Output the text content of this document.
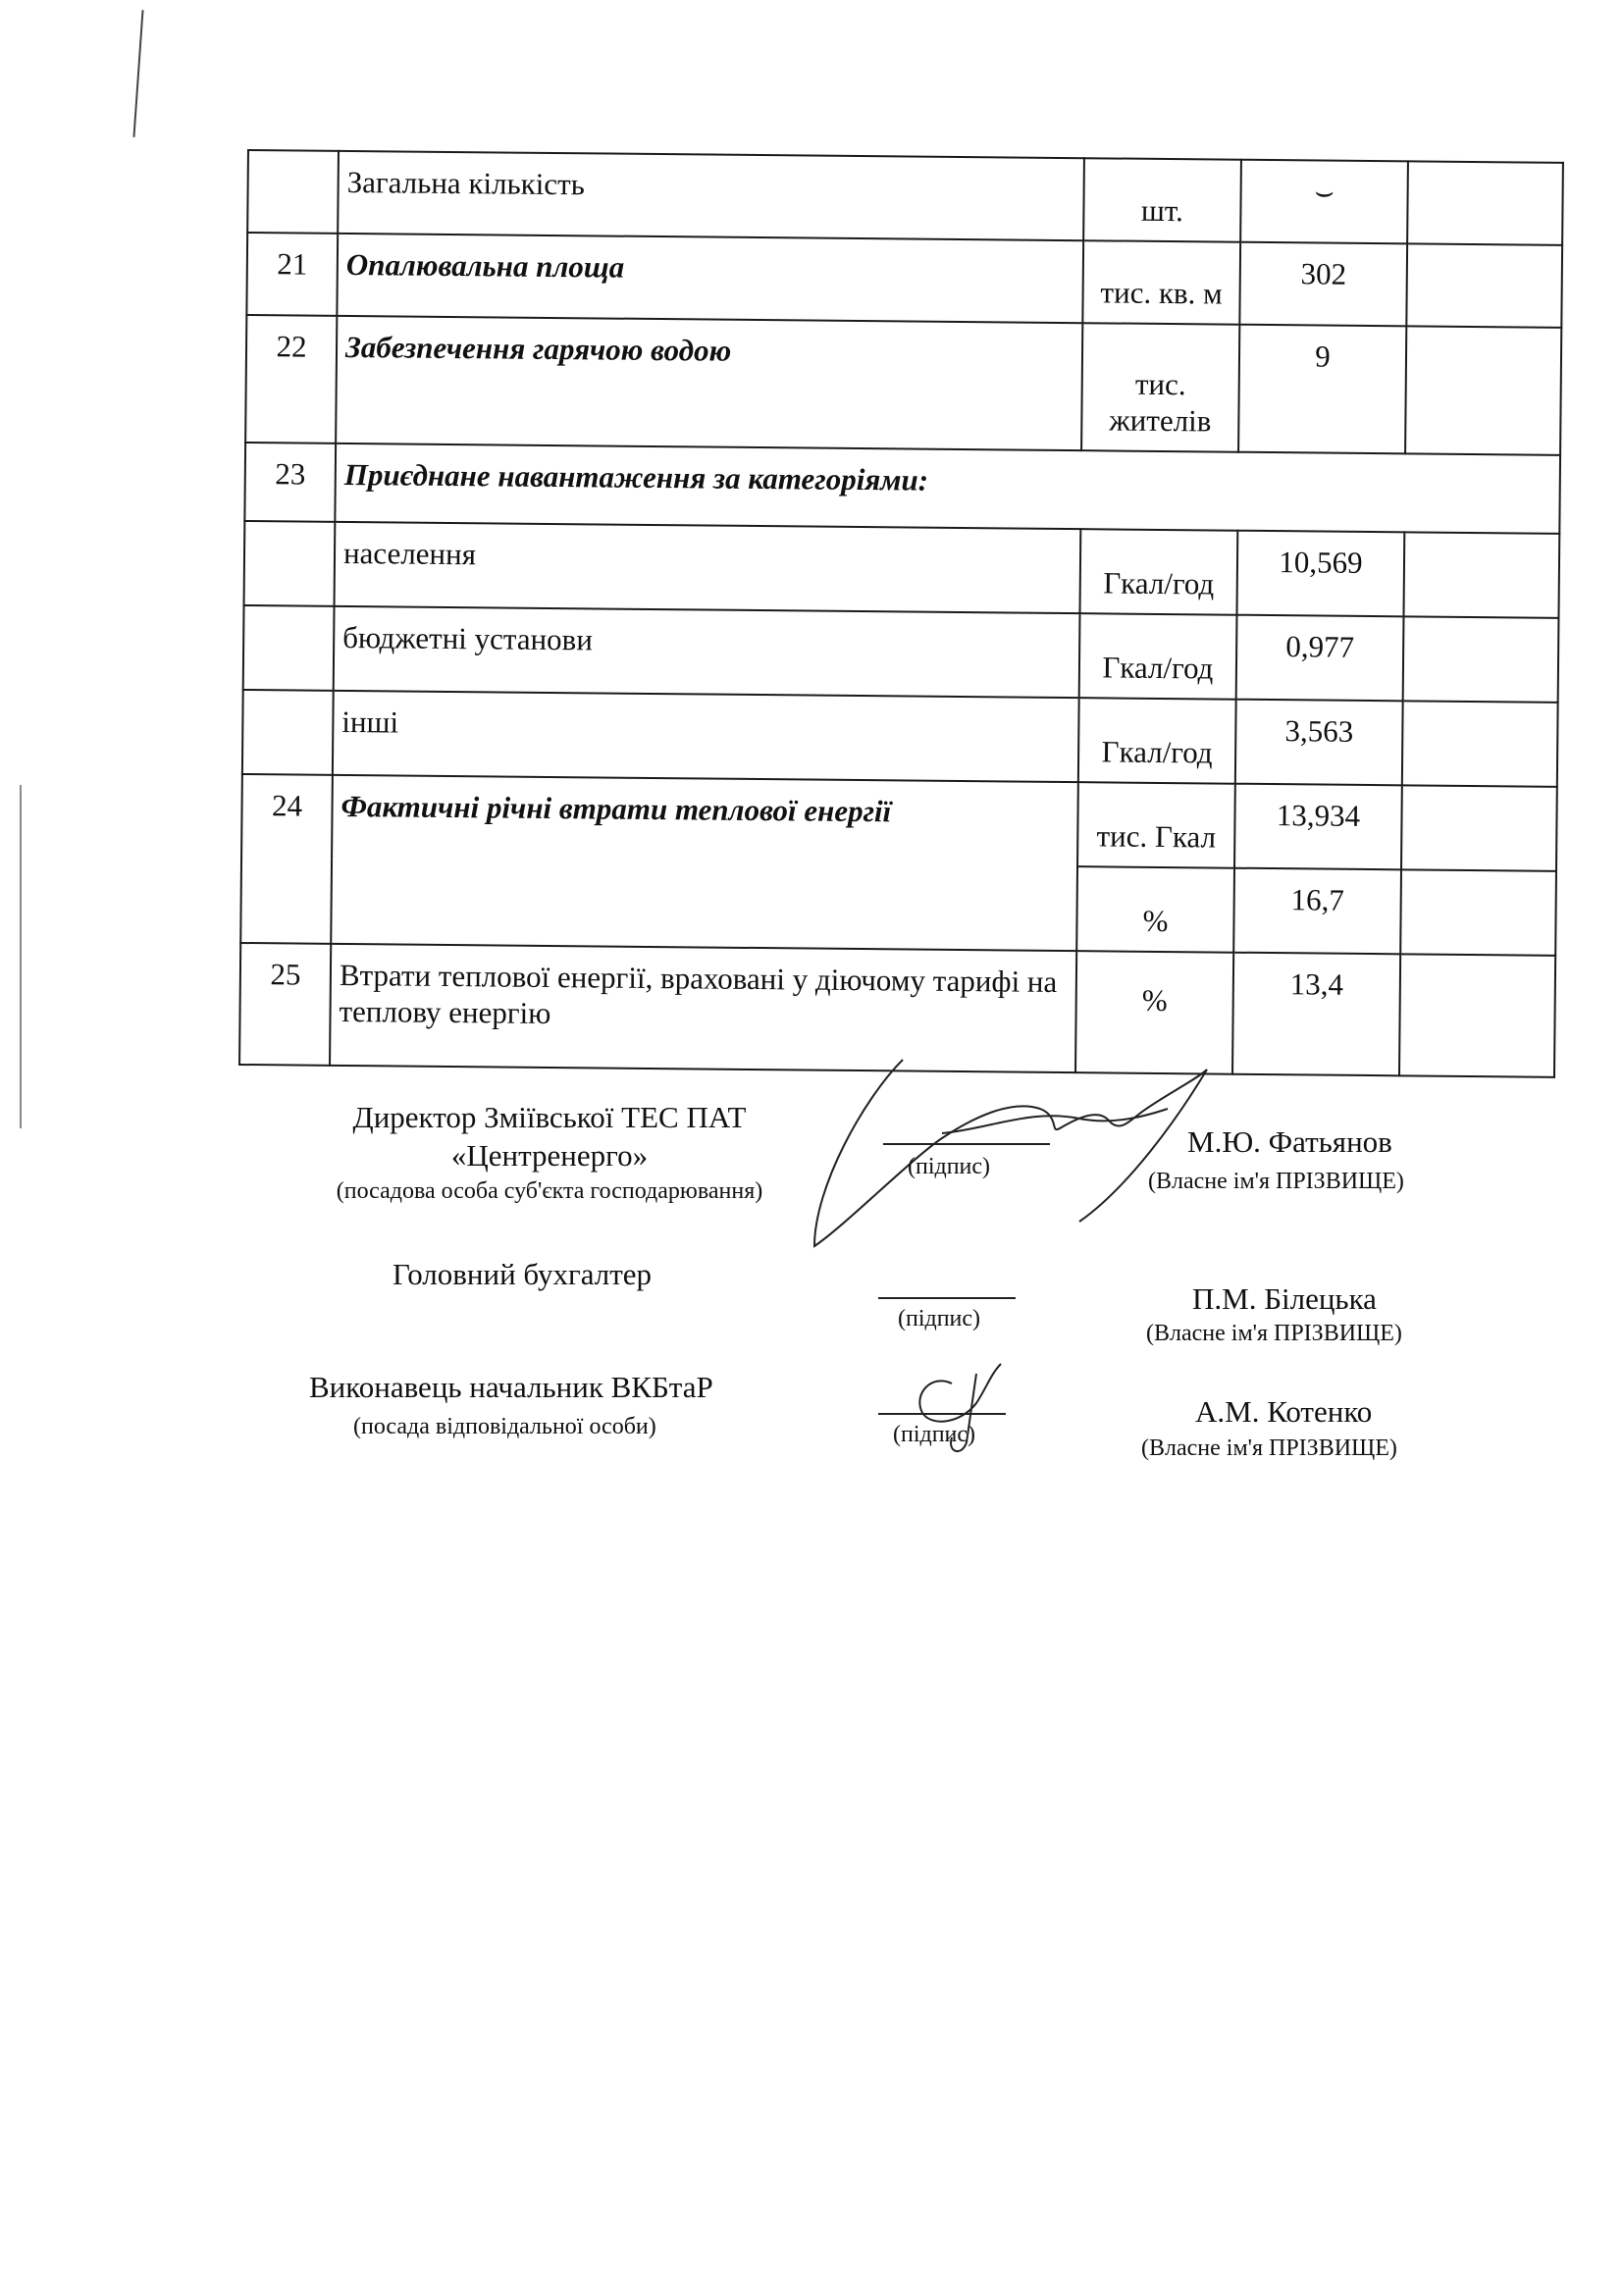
	Загальна кількість	шт.	⌣	
21	Опалювальна площа	тис. кв. м	302	
22	Забезпечення гарячою водою	тис. жителів	9	
23	Приєднане навантаження за категоріями:			
	населення	Гкал/год	10,569	
	бюджетні установи	Гкал/год	0,977	
	інші	Гкал/год	3,563	
24	Фактичні річні втрати теплової енергії	тис. Гкал	13,934	
		%	16,7	
25	Втрати теплової енергії, враховані у діючому тарифі на теплову енергію	%	13,4	
Директор Зміївської ТЕС ПАТ
«Центренерго»
(посадова особа суб'єкта господарювання)
(підпис)
М.Ю. Фатьянов
(Власне ім'я ПРІЗВИЩЕ)
Головний бухгалтер
(підпис)
П.М. Білецька
(Власне ім'я ПРІЗВИЩЕ)
Виконавець начальник ВКБтаР
(посада відповідальної особи)	(підпис)
А.М. Котенко
(Власне ім'я ПРІЗВИЩЕ)
